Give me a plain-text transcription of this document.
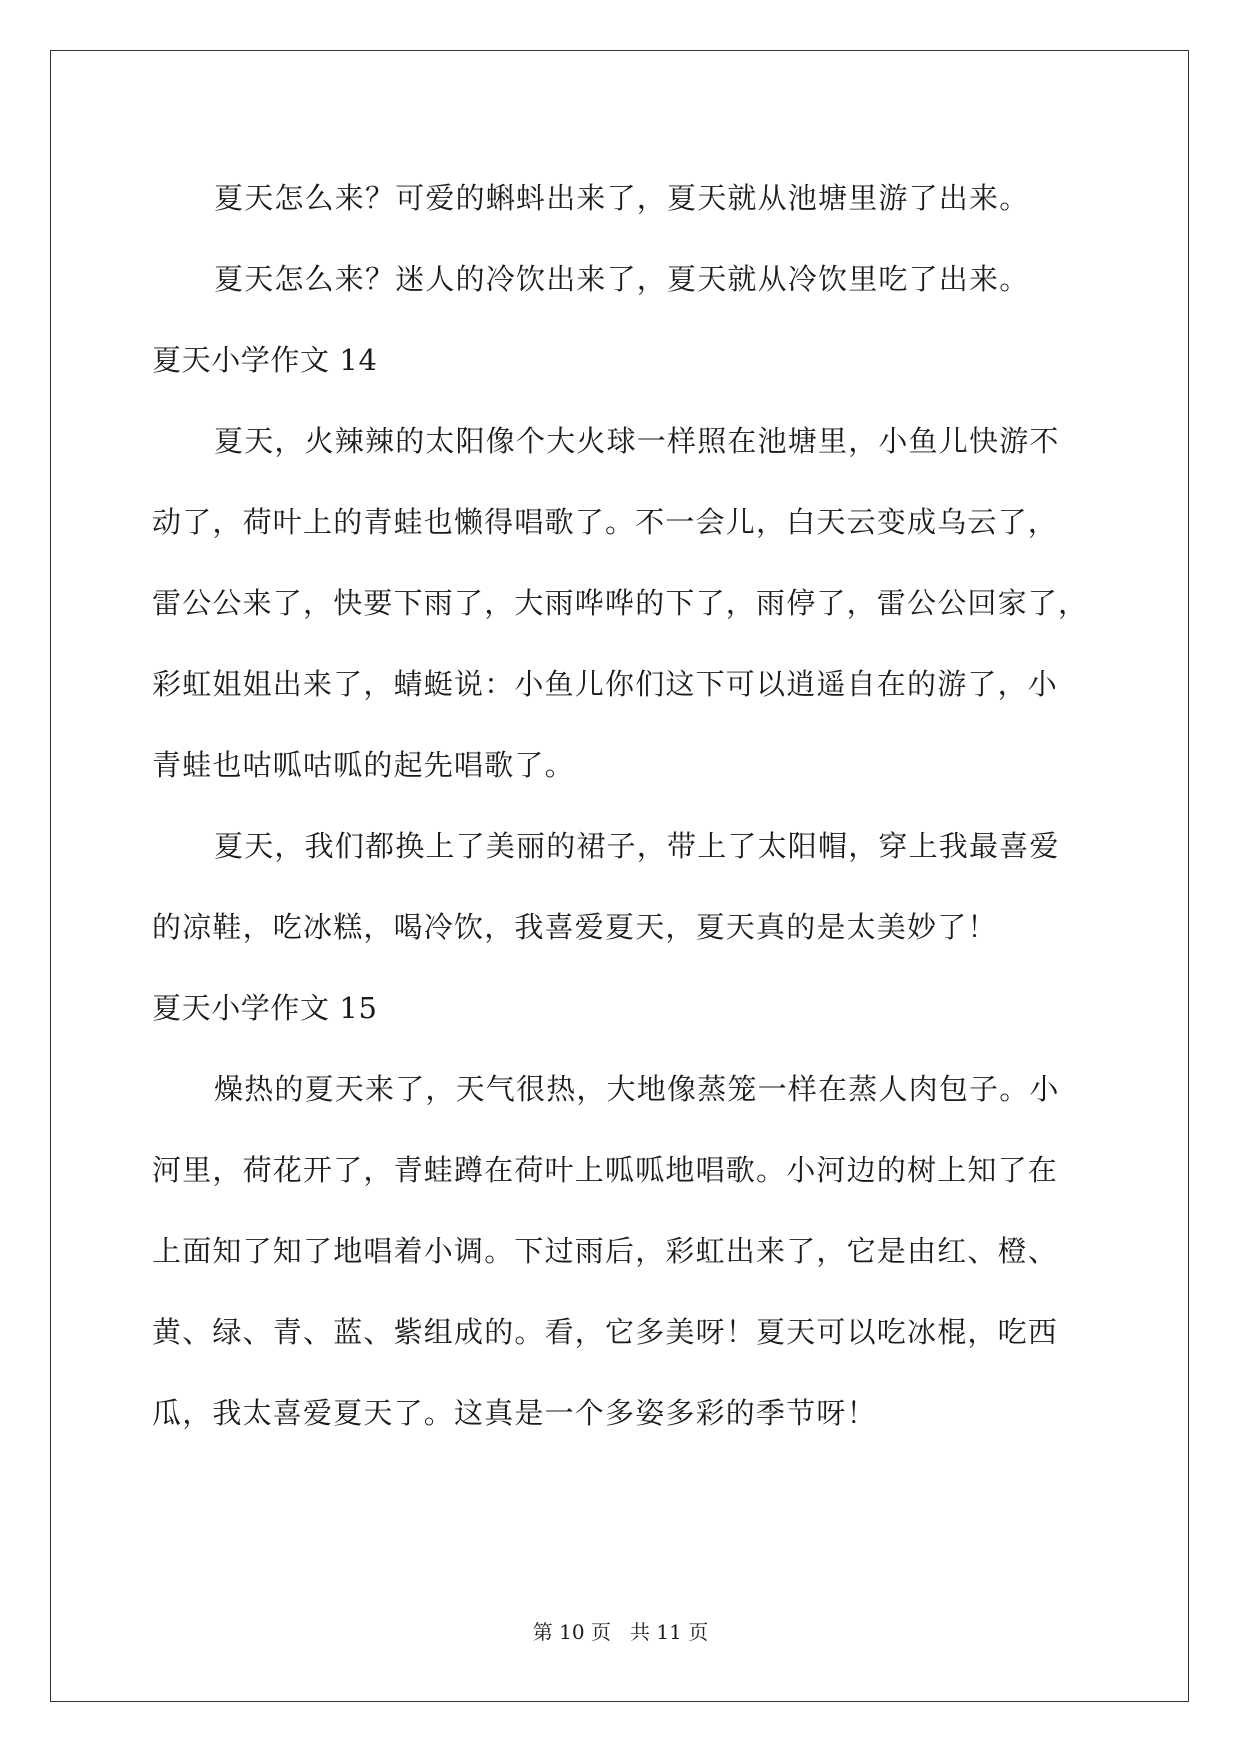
夏天怎么来？可爱的蝌蚪出来了，夏天就从池塘里游了出来。
夏天怎么来？迷人的冷饮出来了，夏天就从冷饮里吃了出来。
夏天小学作文 14
夏天，火辣辣的太阳像个大火球一样照在池塘里，小鱼儿快游不
动了，荷叶上的青蛙也懒得唱歌了。不一会儿，白天云变成乌云了，
雷公公来了，快要下雨了，大雨哗哗的下了，雨停了，雷公公回家了，
彩虹姐姐出来了，蜻蜓说：小鱼儿你们这下可以逍遥自在的游了，小
青蛙也咕呱咕呱的起先唱歌了。
夏天，我们都换上了美丽的裙子，带上了太阳帽，穿上我最喜爱
的凉鞋，吃冰糕，喝冷饮，我喜爱夏天，夏天真的是太美妙了！
夏天小学作文 15
燥热的夏天来了，天气很热，大地像蒸笼一样在蒸人肉包子。小
河里，荷花开了，青蛙蹲在荷叶上呱呱地唱歌。小河边的树上知了在
上面知了知了地唱着小调。下过雨后，彩虹出来了，它是由红、橙、
黄、绿、青、蓝、紫组成的。看，它多美呀！夏天可以吃冰棍，吃西
瓜，我太喜爱夏天了。这真是一个多姿多彩的季节呀！
第 10 页   共 11 页
